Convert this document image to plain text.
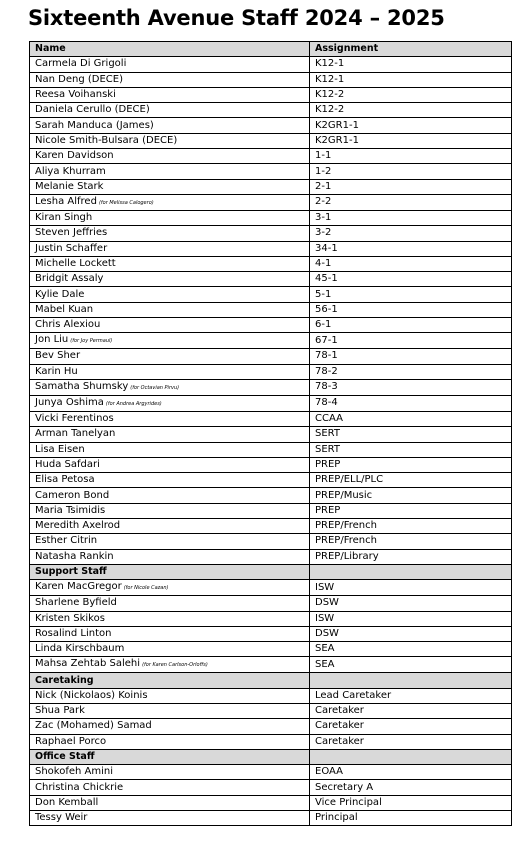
Sixteenth Avenue Staff 2024 – 2025
Name	Assignment
Carmela Di Grigoli	K12-1
Nan Deng (DECE)	K12-1
Reesa Voihanski	K12-2
Daniela Cerullo (DECE)	K12-2
Sarah Manduca (James)	K2GR1-1
Nicole Smith-Bulsara (DECE)	K2GR1-1
Karen Davidson	1-1
Aliya Khurram	1-2
Melanie Stark	2-1
Lesha Alfred (for Melissa Calogero)	2-2
Kiran Singh	3-1
Steven Jeffries	3-2
Justin Schaffer	34-1
Michelle Lockett	4-1
Bridgit Assaly	45-1
Kylie Dale	5-1
Mabel Kuan	56-1
Chris Alexiou	6-1
Jon Liu (for Joy Permaul)	67-1
Bev Sher	78-1
Karin Hu	78-2
Samatha Shumsky (for Octavian Pirvu)	78-3
Junya Oshima (for Andrea Argyrides)	78-4
Vicki Ferentinos	CCAA
Arman Tanelyan	SERT
Lisa Eisen	SERT
Huda Safdari	PREP
Elisa Petosa	PREP/ELL/PLC
Cameron Bond	PREP/Music
Maria Tsimidis	PREP
Meredith Axelrod	PREP/French
Esther Citrin	PREP/French
Natasha Rankin	PREP/Library
Support Staff	
Karen MacGregor (for Nicole Cazan)	ISW
Sharlene Byfield	DSW
Kristen Skikos	ISW
Rosalind Linton	DSW
Linda Kirschbaum	SEA
Mahsa Zehtab Salehi (for Karen Carlson-Orloffs)	SEA
Caretaking	
Nick (Nickolaos) Koinis	Lead Caretaker
Shua Park	Caretaker
Zac (Mohamed) Samad	Caretaker
Raphael Porco	Caretaker
Office Staff	
Shokofeh Amini	EOAA
Christina Chickrie	Secretary A
Don Kemball	Vice Principal
Tessy Weir	Principal
